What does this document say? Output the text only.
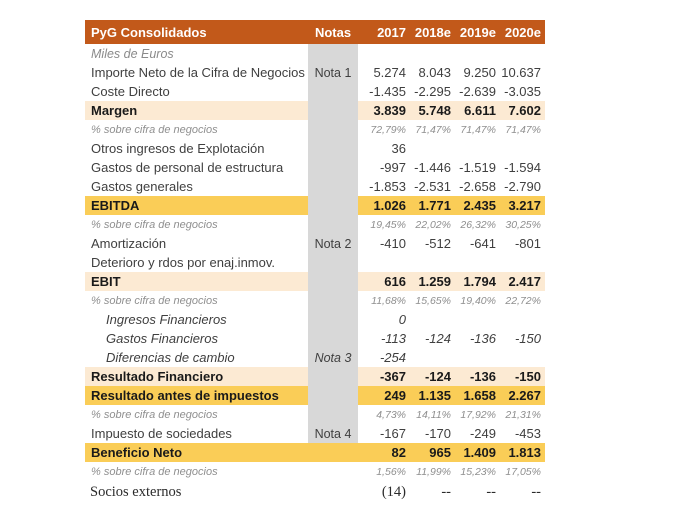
PyG Consolidados	Notas	2017	2018e	2019e	2020e
Miles de Euros					
Importe Neto de la Cifra de Negocios	Nota 1	5.274	8.043	9.250	10.637
Coste Directo		-1.435	-2.295	-2.639	-3.035
Margen		3.839	5.748	6.611	7.602
% sobre cifra de negocios		72,79%	71,47%	71,47%	71,47%
Otros ingresos de Explotación		36			
Gastos de personal de estructura		-997	-1.446	-1.519	-1.594
Gastos generales		-1.853	-2.531	-2.658	-2.790
EBITDA		1.026	1.771	2.435	3.217
% sobre cifra de negocios		19,45%	22,02%	26,32%	30,25%
Amortización	Nota 2	-410	-512	-641	-801
Deterioro y rdos por enaj.inmov.					
EBIT		616	1.259	1.794	2.417
% sobre cifra de negocios		11,68%	15,65%	19,40%	22,72%
Ingresos Financieros		0			
Gastos Financieros		-113	-124	-136	-150
Diferencias de cambio	Nota 3	-254			
Resultado Financiero		-367	-124	-136	-150
Resultado antes de impuestos		249	1.135	1.658	2.267
% sobre cifra de negocios		4,73%	14,11%	17,92%	21,31%
Impuesto de sociedades	Nota 4	-167	-170	-249	-453
Beneficio Neto		82	965	1.409	1.813
% sobre cifra de negocios		1,56%	11,99%	15,23%	17,05%
Socios externos		(14)	--	--	--
